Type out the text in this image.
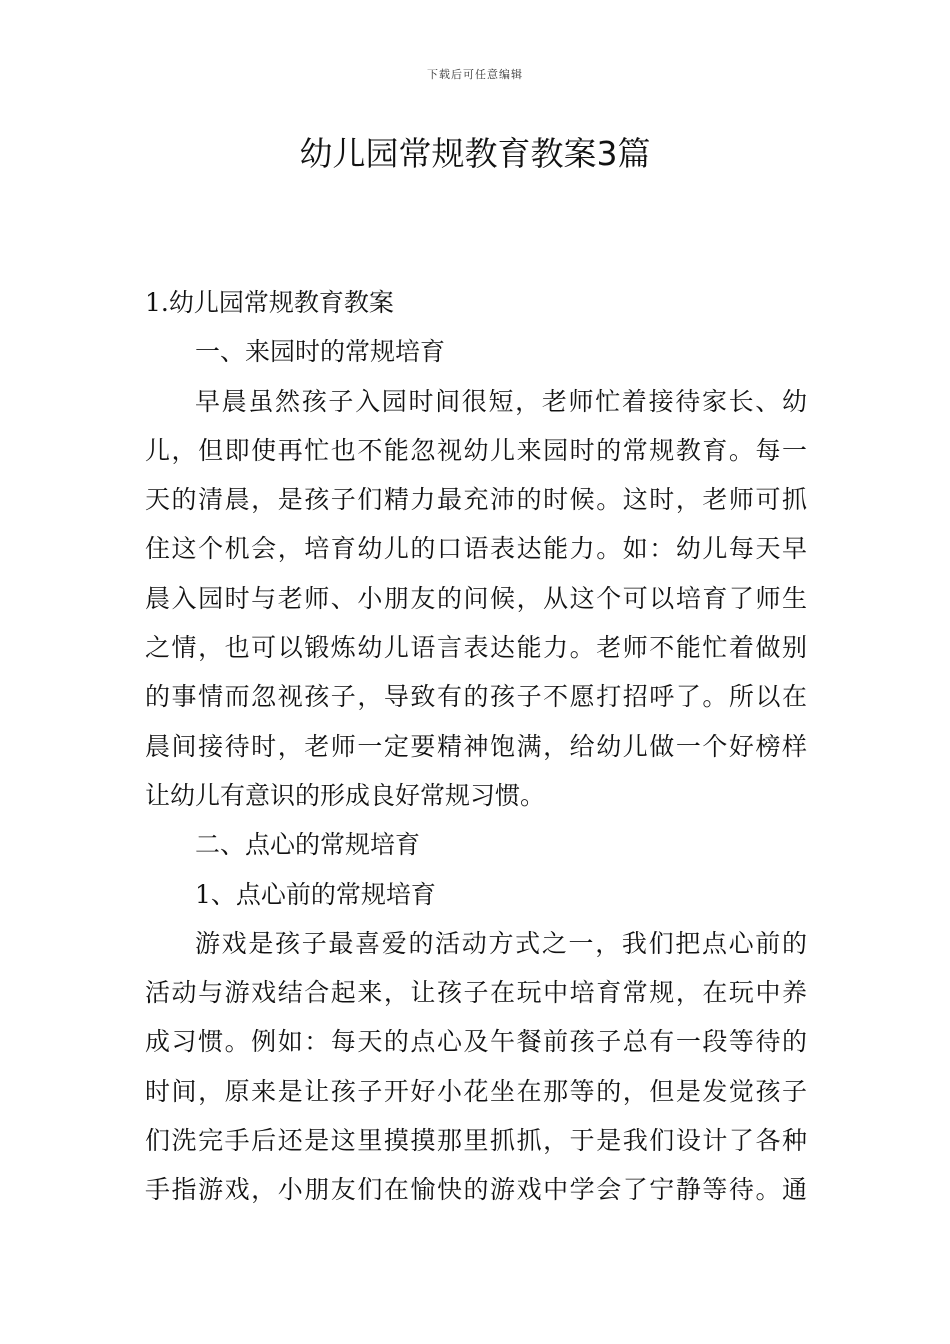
下载后可任意编辑
幼儿园常规教育教案3篇
1.幼儿园常规教育教案
一、来园时的常规培育
早晨虽然孩子入园时间很短，老师忙着接待家长、幼
儿，但即使再忙也不能忽视幼儿来园时的常规教育。每一
天的清晨，是孩子们精力最充沛的时候。这时，老师可抓
住这个机会，培育幼儿的口语表达能力。如：幼儿每天早
晨入园时与老师、小朋友的问候，从这个可以培育了师生
之情，也可以锻炼幼儿语言表达能力。老师不能忙着做别
的事情而忽视孩子，导致有的孩子不愿打招呼了。所以在
晨间接待时，老师一定要精神饱满，给幼儿做一个好榜样
让幼儿有意识的形成良好常规习惯。
二、点心的常规培育
1、点心前的常规培育
游戏是孩子最喜爱的活动方式之一，我们把点心前的
活动与游戏结合起来，让孩子在玩中培育常规，在玩中养
成习惯。例如：每天的点心及午餐前孩子总有一段等待的
时间，原来是让孩子开好小花坐在那等的，但是发觉孩子
们洗完手后还是这里摸摸那里抓抓，于是我们设计了各种
手指游戏，小朋友们在愉快的游戏中学会了宁静等待。通
